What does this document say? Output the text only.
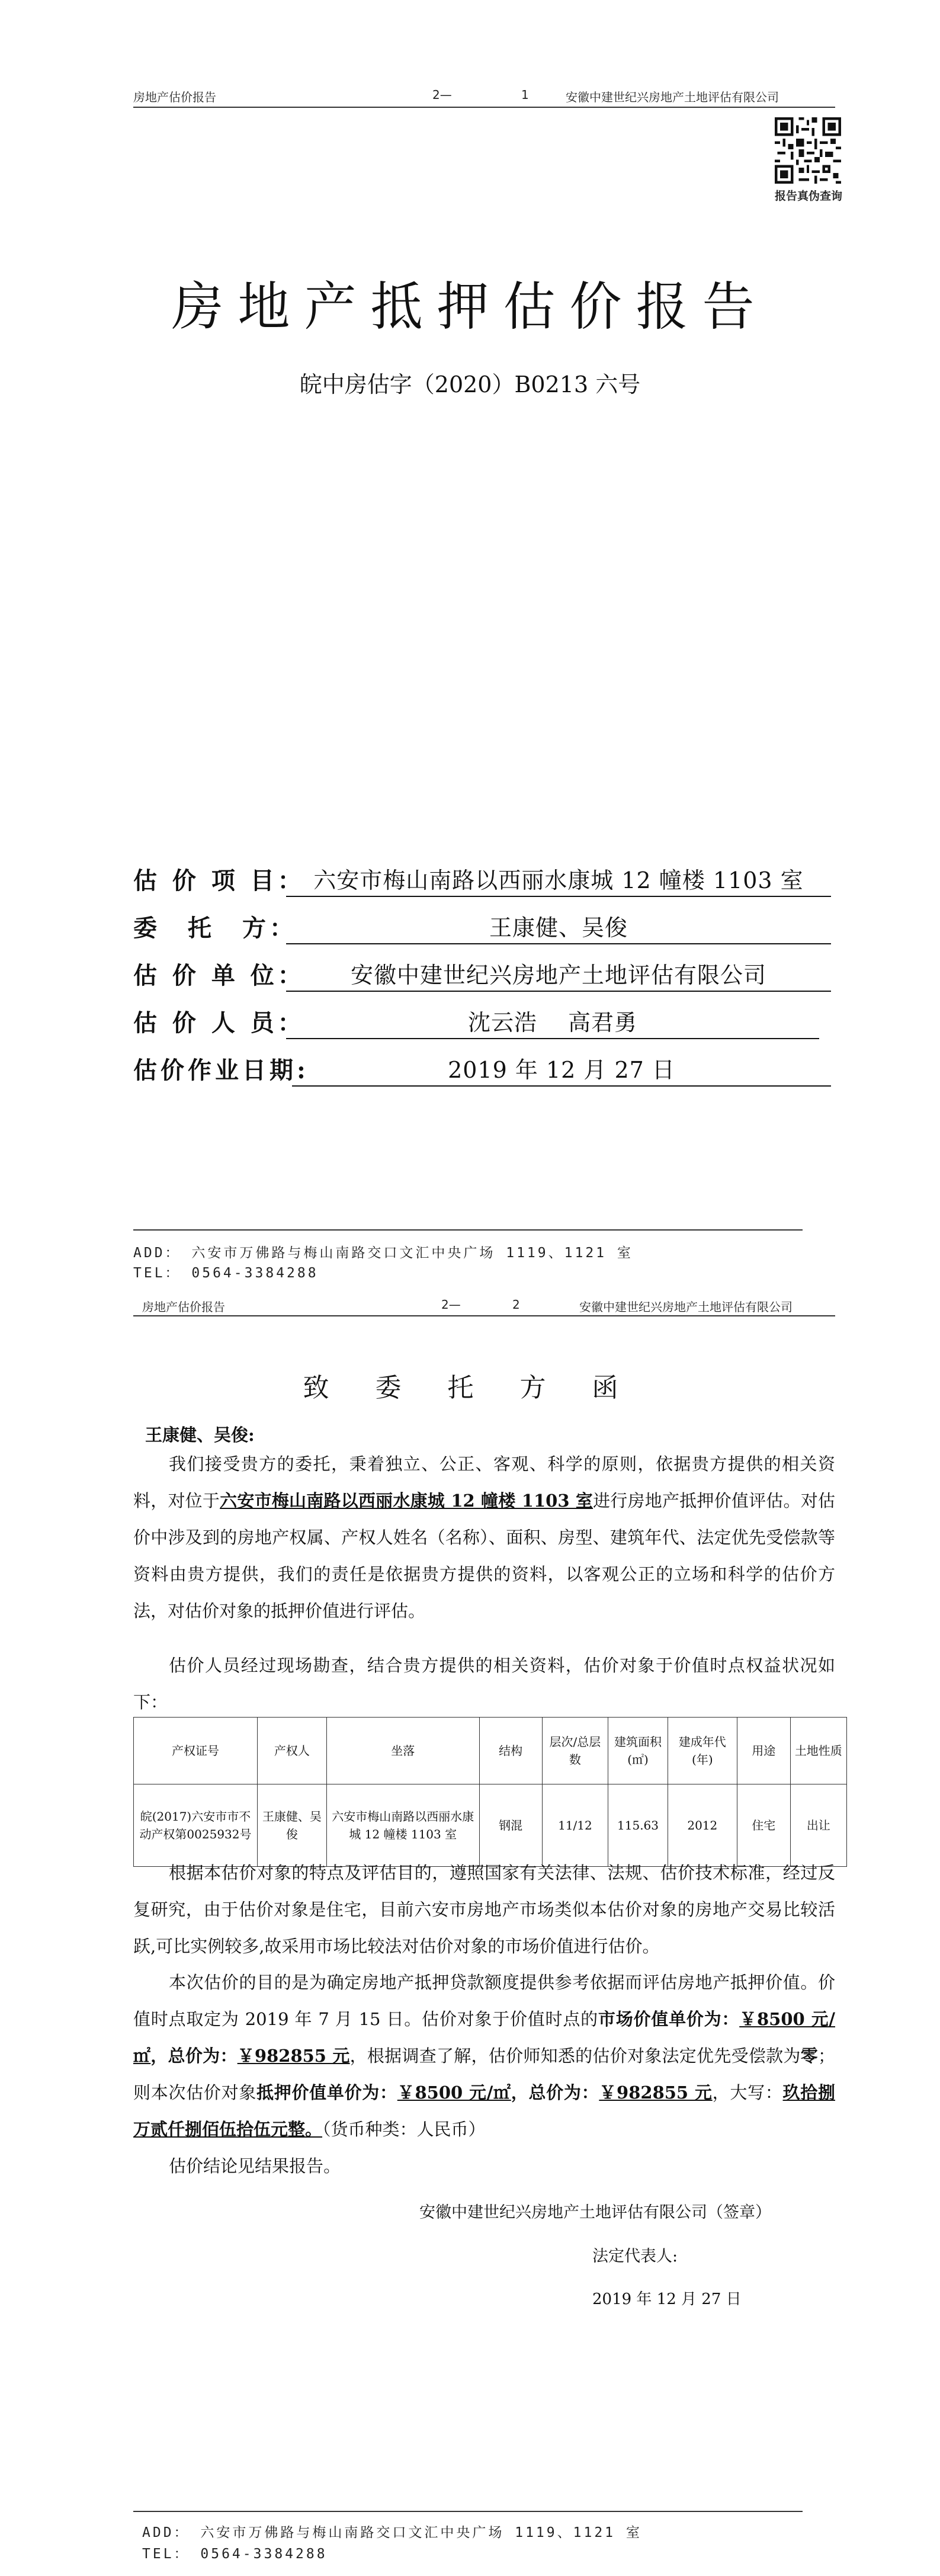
房地产估价报告	2—	1	安徽中建世纪兴房地产土地评估有限公司
报告真伪查询
房地产抵押估价报告
皖中房估字（2020）B0213 六号
估 价 项 目： 六安市梅山南路以西丽水康城 12 幢楼 1103 室
委　托　方：	王康健、吴俊
估 价 单 位：	安徽中建世纪兴房地产土地评估有限公司
估 价 人 员：	沈云浩　 高君勇
估价作业日期:	2019 年 12 月 27 日
ADD： 六安市万佛路与梅山南路交口文汇中央广场 1119、1121 室
TEL： 0564-3384288
房地产估价报告	2—	2	安徽中建世纪兴房地产土地评估有限公司
致 委 托 方 函
王康健、吴俊:
我们接受贵方的委托，秉着独立、公正、客观、科学的原则，依据贵方提供的相关资料，对位于六安市梅山南路以西丽水康城 12 幢楼 1103 室进行房地产抵押价值评估。对估价中涉及到的房地产权属、产权人姓名（名称）、面积、房型、建筑年代、法定优先受偿款等资料由贵方提供，我们的责任是依据贵方提供的资料，以客观公正的立场和科学的估价方法，对估价对象的抵押价值进行评估。
估价人员经过现场勘查，结合贵方提供的相关资料，估价对象于价值时点权益状况如下：
产权证号	产权人	坐落	结构	层次/总层数	建筑面积(㎡)	建成年代(年)	用途	土地性质
皖(2017)六安市市不动产权第0025932号	王康健、吴俊	六安市梅山南路以西丽水康城 12 幢楼 1103 室	钢混	11/12	115.63	2012	住宅	出让
根据本估价对象的特点及评估目的，遵照国家有关法律、法规、估价技术标准，经过反复研究，由于估价对象是住宅，目前六安市房地产市场类似本估价对象的房地产交易比较活跃,可比实例较多,故采用市场比较法对估价对象的市场价值进行估价。
本次估价的目的是为确定房地产抵押贷款额度提供参考依据而评估房地产抵押价值。价值时点取定为 2019 年 7 月 15 日。估价对象于价值时点的市场价值单价为：￥8500 元/㎡，总价为：￥982855 元，根据调查了解，估价师知悉的估价对象法定优先受偿款为零；则本次估价对象抵押价值单价为：￥8500 元/㎡，总价为：￥982855 元，大写：玖拾捌万贰仟捌佰伍拾伍元整。（货币种类：人民币）
估价结论见结果报告。
安徽中建世纪兴房地产土地评估有限公司（签章）
法定代表人:
2019 年 12 月 27 日
ADD： 六安市万佛路与梅山南路交口文汇中央广场 1119、1121 室
TEL： 0564-3384288
